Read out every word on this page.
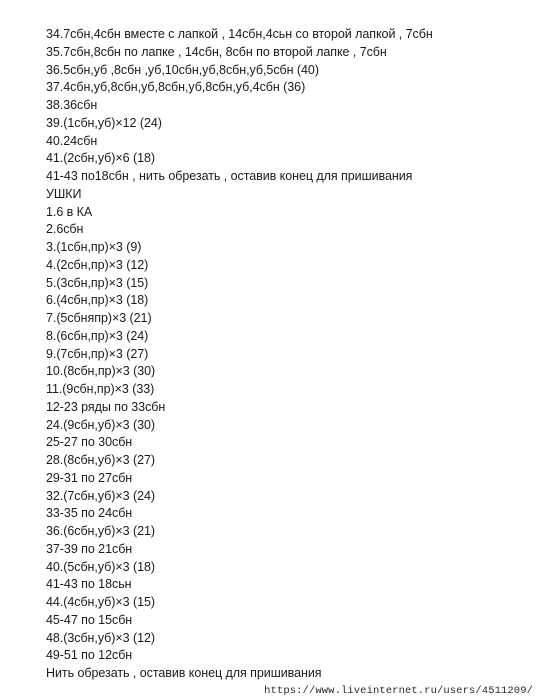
34.7сбн,4сбн вместе с лапкой , 14сбн,4сьн со второй лапкой , 7сбн
35.7сбн,8сбн по лапке , 14сбн, 8сбн по второй лапке , 7сбн
36.5сбн,уб ,8сбн ,уб,10сбн,уб,8сбн,уб,5сбн (40)
37.4сбн,уб,8сбн,уб,8сбн,уб,8сбн,уб,4сбн (36)
38.36сбн
39.(1сбн,уб)×12 (24)
40.24сбн
41.(2сбн,уб)×6 (18)
41-43 по18сбн , нить обрезать , оставив конец для пришивания
УШКИ
1.6 в КА
2.6сбн
3.(1сбн,пр)×3 (9)
4.(2сбн,пр)×3 (12)
5.(3сбн,пр)×3 (15)
6.(4сбн,пр)×3 (18)
7.(5сбняпр)×3 (21)
8.(6сбн,пр)×3 (24)
9.(7сбн,пр)×3 (27)
10.(8сбн,пр)×3 (30)
11.(9сбн,пр)×3 (33)
12-23 ряды по 33сбн
24.(9сбн,уб)×3 (30)
25-27 по 30сбн
28.(8сбн,уб)×3 (27)
29-31 по 27сбн
32.(7сбн,уб)×3 (24)
33-35 по 24сбн
36.(6сбн,уб)×3 (21)
37-39 по 21сбн
40.(5сбн,уб)×3 (18)
41-43 по 18сьн
44.(4сбн,уб)×3 (15)
45-47 по 15сбн
48.(3сбн,уб)×3 (12)
49-51 по 12сбн
Нить обрезать , оставив конец для пришивания
https://www.liveinternet.ru/users/4511209/
